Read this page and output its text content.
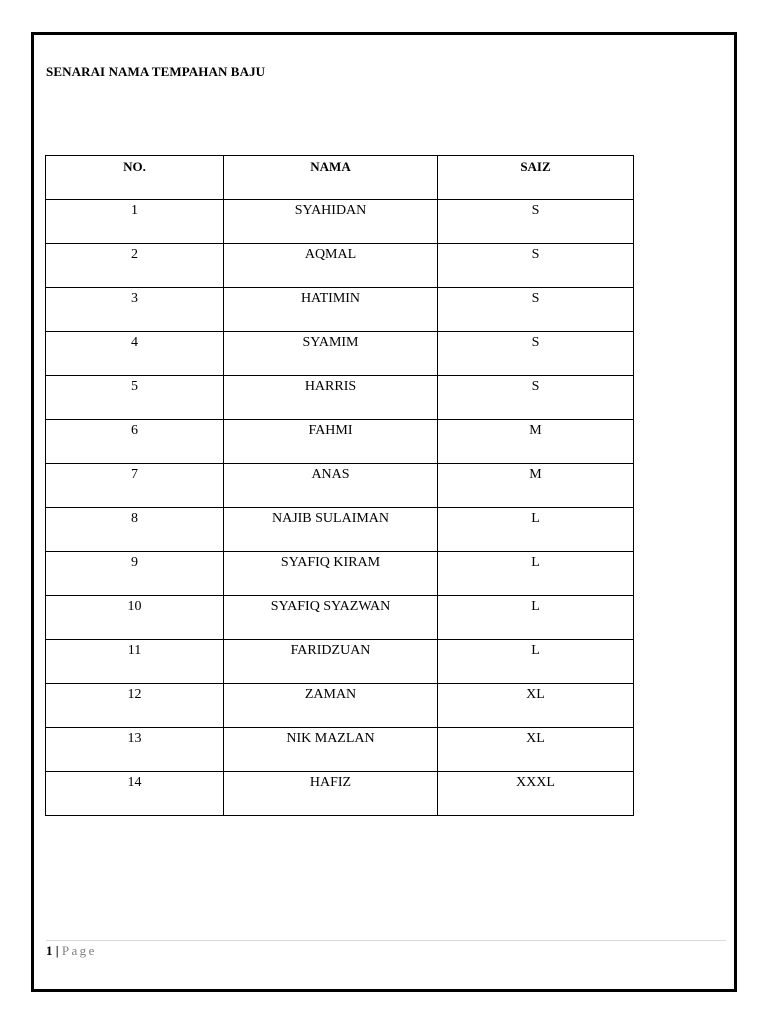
SENARAI NAMA TEMPAHAN BAJU
NO.	NAMA	SAIZ
1	SYAHIDAN	S
2	AQMAL	S
3	HATIMIN	S
4	SYAMIM	S
5	HARRIS	S
6	FAHMI	M
7	ANAS	M
8	NAJIB SULAIMAN	L
9	SYAFIQ KIRAM	L
10	SYAFIQ SYAZWAN	L
11	FARIDZUAN	L
12	ZAMAN	XL
13	NIK MAZLAN	XL
14	HAFIZ	XXXL
1 | Page
